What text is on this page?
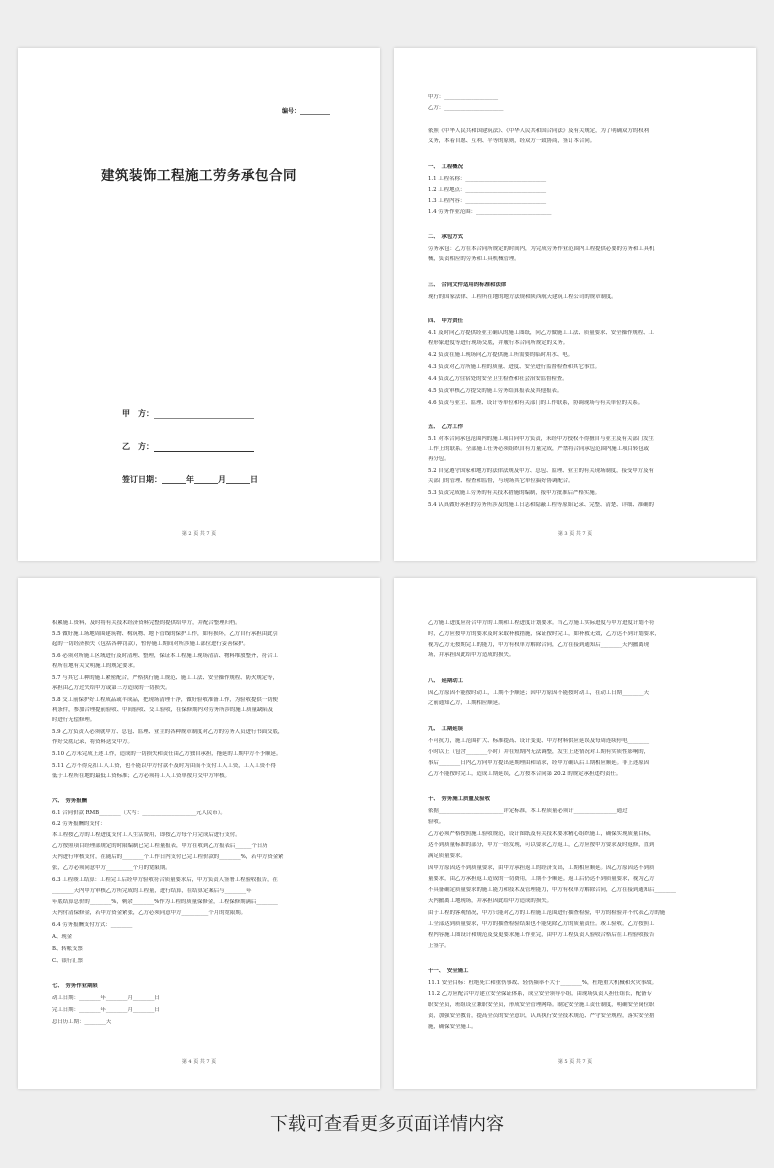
编号：__________
建筑装饰工程施工劳务承包合同
甲　方：
乙　方：
签订日期：______年______月______日
第 2 页 共 7 页
甲方：____________________
乙方：______________________
依照《中华人民共和国建筑法》、《中华人民共和国合同法》及有关规定，为了明确双方的权利
义务，本着自愿、互利、平等的原则，经双方一致协商，签订本合同。
一、　工程概况
1.1 工程名称：______________________________
1.2 工程地点：______________________________
1.3 工程内容：______________________________
1.4 劳务作业范围：____________________________
二、　承包方式
劳务承包：乙方在本合同所规定的时间内，为完成劳务作业范围内工程提供必要的劳务和工具机
械，负责相应的劳务和工具机械管理。
三、　合同文件适用的标准和法律
现行的国家法律、工程所在地的地方法规和陕西航天建筑工程公司的规章制度。
四、　甲方责任
4.1 及时向乙方提供经业主确认的施工图纸，向乙方做施工工法、质量要求、安全操作规程、工
程形象进度等进行现场交底，并履行本合同所规定的义务。
4.2 负责在施工现场向乙方提供施工所需要的临时用水、电。
4.3 负责对乙方所施工程的质量、进度、安全进行监督检查和其它事宜。
4.4 负责乙方住宿处的安全卫生检查和社会治安监督检查。
4.5 负责审核乙方提交的施工劳务结算报表及其他报表。
4.6 负责与业主、监理、设计等单位和有关部门的工作联系，协调现场与有关单位的关系。
五、　乙方工作
5.1 对本合同承包范围内的施工项目向甲方负责，未经甲方授权不得擅自与业主及有关部门发生
工作上的联系。全部施工任务必须组织自有力量完成，严禁将合同承包范围内施工项目转包或
再分包。
5.2 自觉遵守国家和地方的法律法规及甲方、总包、监理、业主的有关现场制度，接受甲方及有
关部门的管理、检查和监督，与现场其它单位搞好协调配合。
5.3 负责完成施工劳务的有关技术措施的编制，报甲方批准后严格实施。
5.4 认真做好承担的劳务所涉及的施工日志和隐蔽工程等原始记录、完整、清楚、详细、准确的
第 3 页 共 7 页
积累施工资料，及时将有关技术经济资料完整的提供给甲方，并配合整理归档。
5.5 做好施工场地周围建筑物、构筑物、地下管线的保护工作，如有损坏，乙方自行承担由此引
起的一切经济损失（包括各种罚款），暂停施工期间对所涉施工部位进行妥善保护。
5.6 必须对所施工区域进行及时清理、整理，保证本工程施工现场清洁、物料堆放整齐，符合工
程所在地有关文明施工的规定要求。
5.7 与其它工种的施工紧密配合，严格执行施工规范、施工工法、安全操作规程、防火规定等，
承担由乙方过失给甲方或第三方造成的一切损失。
5.8 交工前保护好工程成品或半成品，把现场清理干净，做好验收准备工作，为验收提供一切便
利条件，参加合理提前验收、中间验收、交工验收，在保修期内对劳务所涉的施工质量缺陷及
时进行无偿修理。
5.9 乙方负责人必须就甲方、总包、监理、业主的各种规章制度对乙方的劳务人员进行书面交底，
作好交底记录，将资料送交甲方。
5.10 乙方未完成上述工作，造成的一切损失和责任由乙方独自承担，拖延的工期甲方不予顺延。
5.11 乙方不得克扣工人工资，也不能以甲方付款不及时为由而不支付工人工资，工人工资不得
低于工程所在地的最低工资标准；乙方必须将工人工资单按月交甲方审核。
六、　劳务报酬
6.1 合同价款 RMB________（大写：____________________元人民币）。
6.2 劳务报酬的支付：
本工程按乙方的工程进度支付工人生活费用，即按乙方每个月完成后进行支付。
乙方按照项目经理部规定的时限编制已完工程量报表，甲方在收到乙方报表后______个日历
天内进行审核支付，在随后的________个工作日内支付已完工程价款的________%，若甲方资金紧
张，乙方必须同意甲方__________个月的宽限期。
6.3 工程竣工结算：工程完工后经甲方验收符合质量要求后，甲方负责人签署工程验收报告，在
________天内甲方审核乙方所完成的工程量，进行结算，在结算定案后与________年
年底结算总价的________%，剩余________%作为工程的质量保修金，工程保修期满后________
天内付清保修金，若甲方资金紧张，乙方必须同意甲方__________个月的宽限期。
6.4 劳务报酬支付方式：________
A、现金
B、转帐支票
C、银行汇票
七、　劳务作业期限
动工日期：________年________月________日
完工日期：________年________月________日
总日历工期：________天
第 4 页 共 7 页
乙方施工进度应符合甲方的工期和工程进度计划要求。当乙方施工实际进度与甲方进度计划不符
时，乙方应按甲方的要求及时采取补救措施，保证按时完工，如补救无效，乙方达不到计划要求，
视为乙方无按期完工的能力，甲方有权单方解除合同，乙方在接到通知后________天内撤离现
场，并承担因此给甲方造成的损失。
八、　延期动工
因乙方原因不能按时动工，工期不予顺延；因甲方原因不能按时动工，在动工日期________天
之前通知乙方，工期相应顺延。
九、　工期延误
不可抗力，施工范围扩大、标准提高、设计变更、甲方材料供应延误及每周连续停电________
小时以上（包含________小时）并在短期内无法调整，发生上述情况对工期有实质性影响的，
事后________日内乙方向甲方提出延期理由和请求，经甲方确认后工期相应顺延。非上述原因
乙方不能按时完工，造成工期延误，乙方按本合同第 20.2 的规定承担违约责任。
十、　劳务施工质量及验收
依据________________________评定标准，本工程质量必须计________________通过
验收。
乙方必须严格按照施工验收规范，设计图纸及有关技术要求精心组织施工，确保实现质量目标，
达不到质量标准的部分，甲方一经发现，可以要求乙方返工，乙方应按甲方要求及时返修，直到
满足质量要求。
因甲方原因达不到质量要求，由甲方承担返工的经济支出，工期相应顺延。因乙方原因达不到质
量要求，由乙方承担返工造成的一切费用，工期不予顺延。返工后仍达不到质量要求，视为乙方
不具备确定质量要求的施工能力和技术及管理能力，甲方有权单方解除合同，乙方在接到通知后________
天内撤离工地现场，并承担因此给甲方造成的损失。
由于工程的客观情况，甲方只能对乙方的工程施工范围进行抽查检验，甲方的检验并不代表乙方的施
工全部达到质量要求，甲方的抽查检验结果也不能免除乙方的质量责任。竣工验收，乙方按照工
程内容施工图设计和规范及变更要求施工作业完，由甲方工程负责人验收合格后在工程验收报告
上签字。
十一、　安全施工
11.1 安全目标：杜绝死亡和重伤事故、轻伤频率不大于________%，杜绝重大机械和火灾事故。
11.2 乙方应配合甲方建立安全保证体系，成立安全领导小组，由现场负责人担任组长，配备专
职安全员，班组设立兼职安全员，形成安全管理网络。制定安全施工责任制度，明确安全岗位职
责，加强安全教育，提高全员的安全意识，认真执行安全技术规范、严守安全规程，落实安全措
施，确保安全施工。
第 5 页 共 7 页
下载可查看更多页面详情内容
